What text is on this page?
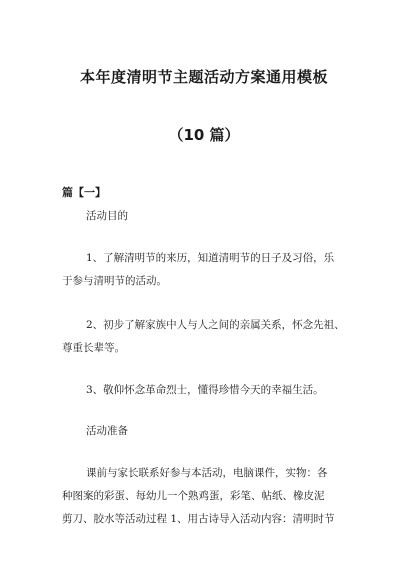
本年度清明节主题活动方案通用模板
（10 篇）
篇【一】
活动目的
1、了解清明节的来历，知道清明节的日子及习俗，乐
于参与清明节的活动。
2、初步了解家族中人与人之间的亲属关系，怀念先祖、
尊重长辈等。
3、敬仰怀念革命烈士，懂得珍惜今天的幸福生活。
活动准备
课前与家长联系好参与本活动，电脑课件，实物：各
种图案的彩蛋、每幼儿一个熟鸡蛋，彩笔、帖纸、橡皮泥
剪刀、胶水等活动过程 1、用古诗导入活动内容：清明时节
